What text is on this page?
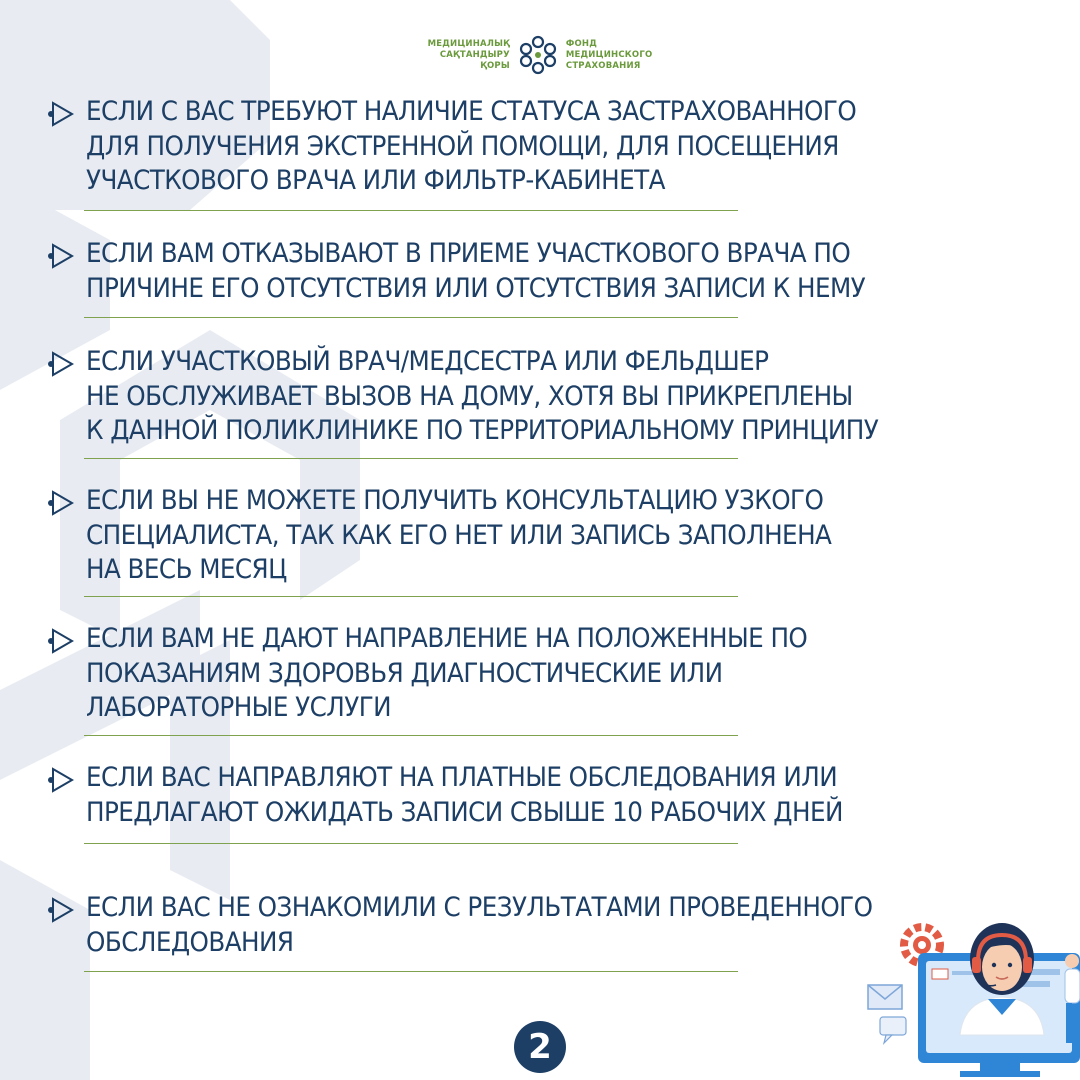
МЕДИЦИНАЛЫҚ
САҚТАНДЫРУ
ҚОРЫ
ФОНД
МЕДИЦИНСКОГО
СТРАХОВАНИЯ

ЕСЛИ С ВАС ТРЕБУЮТ НАЛИЧИЕ СТАТУСА ЗАСТРАХОВАННОГО
ДЛЯ ПОЛУЧЕНИЯ ЭКСТРЕННОЙ ПОМОЩИ, ДЛЯ ПОСЕЩЕНИЯ
УЧАСТКОВОГО ВРАЧА ИЛИ ФИЛЬТР-КАБИНЕТА

ЕСЛИ ВАМ ОТКАЗЫВАЮТ В ПРИЕМЕ УЧАСТКОВОГО ВРАЧА ПО
ПРИЧИНЕ ЕГО ОТСУТСТВИЯ ИЛИ ОТСУТСТВИЯ ЗАПИСИ К НЕМУ

ЕСЛИ УЧАСТКОВЫЙ ВРАЧ/МЕДСЕСТРА ИЛИ ФЕЛЬДШЕР
НЕ ОБСЛУЖИВАЕТ ВЫЗОВ НА ДОМУ, ХОТЯ ВЫ ПРИКРЕПЛЕНЫ
К ДАННОЙ ПОЛИКЛИНИКЕ ПО ТЕРРИТОРИАЛЬНОМУ ПРИНЦИПУ

ЕСЛИ ВЫ НЕ МОЖЕТЕ ПОЛУЧИТЬ КОНСУЛЬТАЦИЮ УЗКОГО
СПЕЦИАЛИСТА, ТАК КАК ЕГО НЕТ ИЛИ ЗАПИСЬ ЗАПОЛНЕНА
НА ВЕСЬ МЕСЯЦ

ЕСЛИ ВАМ НЕ ДАЮТ НАПРАВЛЕНИЕ НА ПОЛОЖЕННЫЕ ПО
ПОКАЗАНИЯМ ЗДОРОВЬЯ ДИАГНОСТИЧЕСКИЕ ИЛИ
ЛАБОРАТОРНЫЕ УСЛУГИ

ЕСЛИ ВАС НАПРАВЛЯЮТ НА ПЛАТНЫЕ ОБСЛЕДОВАНИЯ ИЛИ
ПРЕДЛАГАЮТ ОЖИДАТЬ ЗАПИСИ СВЫШЕ 10 РАБОЧИХ ДНЕЙ

ЕСЛИ ВАС НЕ ОЗНАКОМИЛИ С РЕЗУЛЬТАТАМИ ПРОВЕДЕННОГО
ОБСЛЕДОВАНИЯ

2
